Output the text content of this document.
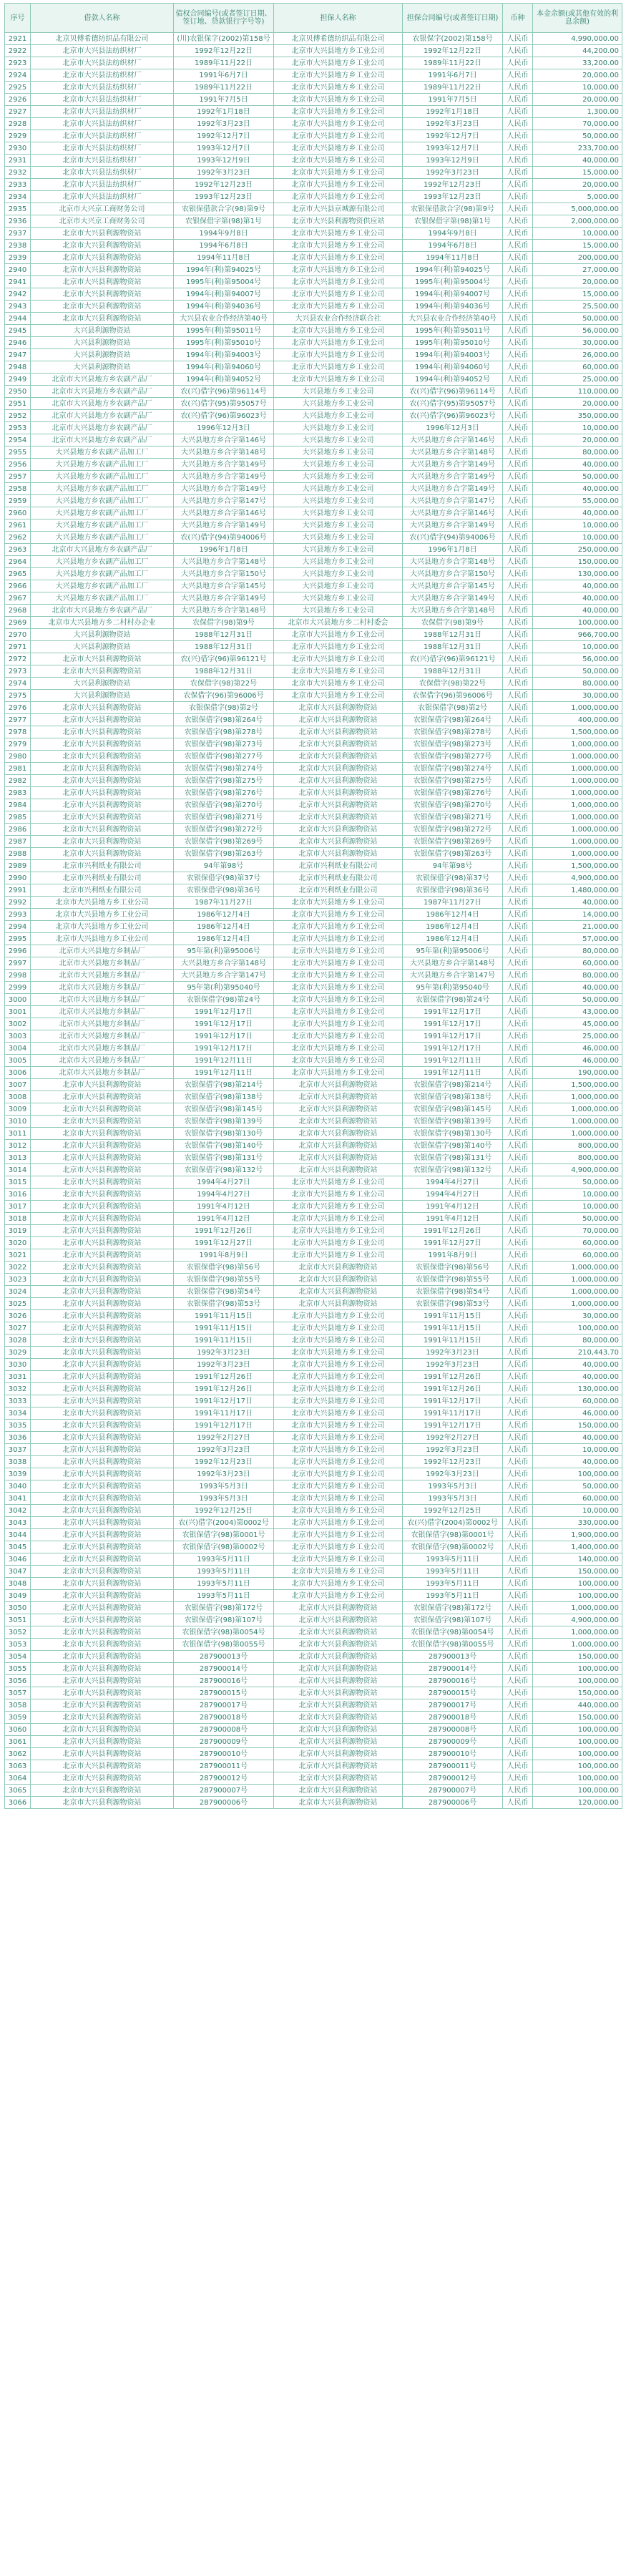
序号	借款人名称	债权合同编号(或者签订日期、签订地、贷款银行字号等)	担保人名称	担保合同编号(或者签订日期)	币种	本金余额(或其他有效的利息余额)
2921	北京贝傅希德纺织品有限公司	(川)农银保字(2002)第158号	北京贝傅希德纺织品有限公司	农银保字(2002)第158号	人民币	4,990,000.00
2922	北京市大兴县法纺织材厂	1992年12月22日	北京市大兴县地方乡工业公司	1992年12月22日	人民币	44,200.00
2923	北京市大兴县法纺织材厂	1989年11月22日	北京市大兴县地方乡工业公司	1989年11月22日	人民币	33,200.00
2924	北京市大兴县法纺织材厂	1991年6月7日	北京市大兴县地方乡工业公司	1991年6月7日	人民币	20,000.00
2925	北京市大兴县法纺织材厂	1989年11月22日	北京市大兴县地方乡工业公司	1989年11月22日	人民币	10,000.00
2926	北京市大兴县法纺织材厂	1991年7月5日	北京市大兴县地方乡工业公司	1991年7月5日	人民币	20,000.00
2927	北京市大兴县法纺织材厂	1992年1月18日	北京市大兴县地方乡工业公司	1992年1月18日	人民币	1,300.00
2928	北京市大兴县法纺织材厂	1992年3月23日	北京市大兴县地方乡工业公司	1992年3月23日	人民币	70,000.00
2929	北京市大兴县法纺织材厂	1992年12月7日	北京市大兴县地方乡工业公司	1992年12月7日	人民币	50,000.00
2930	北京市大兴县法纺织材厂	1993年12月7日	北京市大兴县地方乡工业公司	1993年12月7日	人民币	233,700.00
2931	北京市大兴县法纺织材厂	1993年12月9日	北京市大兴县地方乡工业公司	1993年12月9日	人民币	40,000.00
2932	北京市大兴县法纺织材厂	1992年3月23日	北京市大兴县地方乡工业公司	1992年3月23日	人民币	15,000.00
2933	北京市大兴县法纺织材厂	1992年12月23日	北京市大兴县地方乡工业公司	1992年12月23日	人民币	20,000.00
2934	北京市大兴县法纺织材厂	1993年12月23日	北京市大兴县地方乡工业公司	1993年12月23日	人民币	5,000.00
2935	北京市大兴京工商财务公司	农银保借款合字(98)第9号	北京市大兴县京城源有限公司	农银保借款合字(98)第9号	人民币	5,000,000.00
2936	北京市大兴京工商财务公司	农银保借字第(98)第1号	北京市大兴县利源物资供应站	农银保借字第(98)第1号	人民币	2,000,000.00
2937	北京市大兴县利源物资站	1994年9月8日	北京市大兴县地方乡工业公司	1994年9月8日	人民币	10,000.00
2938	北京市大兴县利源物资站	1994年6月8日	北京市大兴县地方乡工业公司	1994年6月8日	人民币	15,000.00
2939	北京市大兴县利源物资站	1994年11月8日	北京市大兴县地方乡工业公司	1994年11月8日	人民币	200,000.00
2940	北京市大兴县利源物资站	1994年(利)第94025号	北京市大兴县地方乡工业公司	1994年(利)第94025号	人民币	27,000.00
2941	北京市大兴县利源物资站	1995年(利)第95004号	北京市大兴县地方乡工业公司	1995年(利)第95004号	人民币	20,000.00
2942	北京市大兴县利源物资站	1994年(利)第94007号	北京市大兴县地方乡工业公司	1994年(利)第94007号	人民币	15,000.00
2943	北京市大兴县利源物资站	1994年(利)第94036号	北京市大兴县地方乡工业公司	1994年(利)第94036号	人民币	25,500.00
2944	北京市大兴县利源物资站	大兴县农业合作经济第40号	大兴县农业合作经济联合社	大兴县农业合作经济第40号	人民币	50,000.00
2945	大兴县利源物资站	1995年(利)第95011号	北京市大兴县地方乡工业公司	1995年(利)第95011号	人民币	56,000.00
2946	大兴县利源物资站	1995年(利)第95010号	北京市大兴县地方乡工业公司	1995年(利)第95010号	人民币	30,000.00
2947	大兴县利源物资站	1994年(利)第94003号	北京市大兴县地方乡工业公司	1994年(利)第94003号	人民币	26,000.00
2948	大兴县利源物资站	1994年(利)第94060号	北京市大兴县地方乡工业公司	1994年(利)第94060号	人民币	60,000.00
2949	北京市大兴县地方乡农副产品厂	1994年(利)第94052号	北京市大兴县地方乡工业公司	1994年(利)第94052号	人民币	25,000.00
2950	北京市大兴县地方乡农副产品厂	农(兴)借字(96)第96114号	大兴县地方乡工业公司	农(兴)借字(96)第96114号	人民币	110,000.00
2951	北京市大兴县地方乡农副产品厂	农(兴)借字(95)第95057号	大兴县地方乡工业公司	农(兴)借字(95)第95057号	人民币	20,000.00
2952	北京市大兴县地方乡农副产品厂	农(兴)借字(96)第96023号	大兴县地方乡工业公司	农(兴)借字(96)第96023号	人民币	350,000.00
2953	北京市大兴县地方乡农副产品厂	1996年12月3日	大兴县地方乡工业公司	1996年12月3日	人民币	10,000.00
2954	北京市大兴县地方乡农副产品厂	大兴县地方乡合字第146号	大兴县地方乡工业公司	大兴县地方乡合字第146号	人民币	20,000.00
2955	大兴县地方乡农副产品加工厂	大兴县地方乡合字第148号	大兴县地方乡工业公司	大兴县地方乡合字第148号	人民币	80,000.00
2956	大兴县地方乡农副产品加工厂	大兴县地方乡合字第149号	大兴县地方乡工业公司	大兴县地方乡合字第149号	人民币	40,000.00
2957	大兴县地方乡农副产品加工厂	大兴县地方乡合字第149号	大兴县地方乡工业公司	大兴县地方乡合字第149号	人民币	50,000.00
2958	大兴县地方乡农副产品加工厂	大兴县地方乡合字第149号	大兴县地方乡工业公司	大兴县地方乡合字第149号	人民币	40,000.00
2959	大兴县地方乡农副产品加工厂	大兴县地方乡合字第147号	大兴县地方乡工业公司	大兴县地方乡合字第147号	人民币	55,000.00
2960	大兴县地方乡农副产品加工厂	大兴县地方乡合字第146号	大兴县地方乡工业公司	大兴县地方乡合字第146号	人民币	40,000.00
2961	大兴县地方乡农副产品加工厂	大兴县地方乡合字第149号	大兴县地方乡工业公司	大兴县地方乡合字第149号	人民币	10,000.00
2962	大兴县地方乡农副产品加工厂	农(兴)借字(94)第94006号	大兴县地方乡工业公司	农(兴)借字(94)第94006号	人民币	10,000.00
2963	北京市大兴县地方乡农副产品厂	1996年1月8日	大兴县地方乡工业公司	1996年1月8日	人民币	250,000.00
2964	大兴县地方乡农副产品加工厂	大兴县地方乡合字第148号	大兴县地方乡工业公司	大兴县地方乡合字第148号	人民币	150,000.00
2965	大兴县地方乡农副产品加工厂	大兴县地方乡合字第150号	大兴县地方乡工业公司	大兴县地方乡合字第150号	人民币	130,000.00
2966	大兴县地方乡农副产品加工厂	大兴县地方乡合字第145号	大兴县地方乡工业公司	大兴县地方乡合字第145号	人民币	40,000.00
2967	大兴县地方乡农副产品加工厂	大兴县地方乡合字第149号	大兴县地方乡工业公司	大兴县地方乡合字第149号	人民币	40,000.00
2968	北京市大兴县地方乡农副产品厂	大兴县地方乡合字第148号	大兴县地方乡工业公司	大兴县地方乡合字第148号	人民币	40,000.00
2969	北京市大兴县地方乡二村村办企业	农保借字(98)第9号	北京市大兴县地方乡二村村委会	农保借字(98)第9号	人民币	100,000.00
2970	大兴县利源物资站	1988年12月31日	北京市大兴县地方乡工业公司	1988年12月31日	人民币	966,700.00
2971	大兴县利源物资站	1988年12月31日	北京市大兴县地方乡工业公司	1988年12月31日	人民币	10,000.00
2972	北京市大兴县利源物资站	农(兴)借字(96)第96121号	北京市大兴县地方乡工业公司	农(兴)借字(96)第96121号	人民币	56,000.00
2973	北京市大兴县利源物资站	1988年12月31日	北京市大兴县地方乡工业公司	1988年12月31日	人民币	50,000.00
2974	大兴县利源物资站	农保借字(98)第22号	北京市大兴县地方乡工业公司	农保借字(98)第22号	人民币	80,000.00
2975	大兴县利源物资站	农保借字(96)第96006号	北京市大兴县地方乡工业公司	农保借字(96)第96006号	人民币	30,000.00
2976	北京市大兴县利源物资站	农银保借字(98)第2号	北京市大兴县利源物资站	农银保借字(98)第2号	人民币	1,000,000.00
2977	北京市大兴县利源物资站	农银保借字(98)第264号	北京市大兴县利源物资站	农银保借字(98)第264号	人民币	400,000.00
2978	北京市大兴县利源物资站	农银保借字(98)第278号	北京市大兴县利源物资站	农银保借字(98)第278号	人民币	1,500,000.00
2979	北京市大兴县利源物资站	农银保借字(98)第273号	北京市大兴县利源物资站	农银保借字(98)第273号	人民币	1,000,000.00
2980	北京市大兴县利源物资站	农银保借字(98)第277号	北京市大兴县利源物资站	农银保借字(98)第277号	人民币	1,000,000.00
2981	北京市大兴县利源物资站	农银保借字(98)第274号	北京市大兴县利源物资站	农银保借字(98)第274号	人民币	1,000,000.00
2982	北京市大兴县利源物资站	农银保借字(98)第275号	北京市大兴县利源物资站	农银保借字(98)第275号	人民币	1,000,000.00
2983	北京市大兴县利源物资站	农银保借字(98)第276号	北京市大兴县利源物资站	农银保借字(98)第276号	人民币	1,000,000.00
2984	北京市大兴县利源物资站	农银保借字(98)第270号	北京市大兴县利源物资站	农银保借字(98)第270号	人民币	1,000,000.00
2985	北京市大兴县利源物资站	农银保借字(98)第271号	北京市大兴县利源物资站	农银保借字(98)第271号	人民币	1,000,000.00
2986	北京市大兴县利源物资站	农银保借字(98)第272号	北京市大兴县利源物资站	农银保借字(98)第272号	人民币	1,000,000.00
2987	北京市大兴县利源物资站	农银保借字(98)第269号	北京市大兴县利源物资站	农银保借字(98)第269号	人民币	1,000,000.00
2988	北京市大兴县利源物资站	农银保借字(98)第263号	北京市大兴县利源物资站	农银保借字(98)第263号	人民币	1,000,000.00
2989	北京市兴利纸业有限公司	94年第98号	北京市兴利纸业有限公司	94年第98号	人民币	1,500,000.00
2990	北京市兴利纸业有限公司	农银保借字(98)第37号	北京市兴利纸业有限公司	农银保借字(98)第37号	人民币	4,900,000.00
2991	北京市兴利纸业有限公司	农银保借字(98)第36号	北京市兴利纸业有限公司	农银保借字(98)第36号	人民币	1,480,000.00
2992	北京市大兴县地方乡工业公司	1987年11月27日	北京市大兴县地方乡工业公司	1987年11月27日	人民币	40,000.00
2993	北京市大兴县地方乡工业公司	1986年12月4日	北京市大兴县地方乡工业公司	1986年12月4日	人民币	14,000.00
2994	北京市大兴县地方乡工业公司	1986年12月4日	北京市大兴县地方乡工业公司	1986年12月4日	人民币	21,000.00
2995	北京市大兴县地方乡工业公司	1986年12月4日	北京市大兴县地方乡工业公司	1986年12月4日	人民币	57,000.00
2996	北京市大兴县地方乡制品厂	95年第(利)第95006号	北京市大兴县地方乡工业公司	95年第(利)第95006号	人民币	80,000.00
2997	北京市大兴县地方乡制品厂	大兴县地方乡合字第148号	北京市大兴县地方乡工业公司	大兴县地方乡合字第148号	人民币	60,000.00
2998	北京市大兴县地方乡制品厂	大兴县地方乡合字第147号	北京市大兴县地方乡工业公司	大兴县地方乡合字第147号	人民币	80,000.00
2999	北京市大兴县地方乡制品厂	95年第(利)第95040号	北京市大兴县地方乡工业公司	95年第(利)第95040号	人民币	40,000.00
3000	北京市大兴县地方乡制品厂	农银保借字(98)第24号	北京市大兴县地方乡工业公司	农银保借字(98)第24号	人民币	50,000.00
3001	北京市大兴县地方乡制品厂	1991年12月17日	北京市大兴县地方乡工业公司	1991年12月17日	人民币	43,000.00
3002	北京市大兴县地方乡制品厂	1991年12月17日	北京市大兴县地方乡工业公司	1991年12月17日	人民币	45,000.00
3003	北京市大兴县地方乡制品厂	1991年12月17日	北京市大兴县地方乡工业公司	1991年12月17日	人民币	25,000.00
3004	北京市大兴县地方乡制品厂	1991年12月17日	北京市大兴县地方乡工业公司	1991年12月17日	人民币	46,000.00
3005	北京市大兴县地方乡制品厂	1991年12月11日	北京市大兴县地方乡工业公司	1991年12月11日	人民币	46,000.00
3006	北京市大兴县地方乡制品厂	1991年12月11日	北京市大兴县地方乡工业公司	1991年12月11日	人民币	190,000.00
3007	北京市大兴县利源物资站	农银保借字(98)第214号	北京市大兴县利源物资站	农银保借字(98)第214号	人民币	1,500,000.00
3008	北京市大兴县利源物资站	农银保借字(98)第138号	北京市大兴县利源物资站	农银保借字(98)第138号	人民币	1,000,000.00
3009	北京市大兴县利源物资站	农银保借字(98)第145号	北京市大兴县利源物资站	农银保借字(98)第145号	人民币	1,000,000.00
3010	北京市大兴县利源物资站	农银保借字(98)第139号	北京市大兴县利源物资站	农银保借字(98)第139号	人民币	1,000,000.00
3011	北京市大兴县利源物资站	农银保借字(98)第130号	北京市大兴县利源物资站	农银保借字(98)第130号	人民币	1,000,000.00
3012	北京市大兴县利源物资站	农银保借字(98)第140号	北京市大兴县利源物资站	农银保借字(98)第140号	人民币	800,000.00
3013	北京市大兴县利源物资站	农银保借字(98)第131号	北京市大兴县利源物资站	农银保借字(98)第131号	人民币	800,000.00
3014	北京市大兴县利源物资站	农银保借字(98)第132号	北京市大兴县利源物资站	农银保借字(98)第132号	人民币	4,900,000.00
3015	北京市大兴县利源物资站	1994年4月27日	北京市大兴县地方乡工业公司	1994年4月27日	人民币	50,000.00
3016	北京市大兴县利源物资站	1994年4月27日	北京市大兴县地方乡工业公司	1994年4月27日	人民币	10,000.00
3017	北京市大兴县利源物资站	1991年4月12日	北京市大兴县地方乡工业公司	1991年4月12日	人民币	10,000.00
3018	北京市大兴县利源物资站	1991年4月12日	北京市大兴县地方乡工业公司	1991年4月12日	人民币	50,000.00
3019	北京市大兴县利源物资站	1991年12月26日	北京市大兴县地方乡工业公司	1991年12月26日	人民币	70,000.00
3020	北京市大兴县利源物资站	1991年12月27日	北京市大兴县地方乡工业公司	1991年12月27日	人民币	60,000.00
3021	北京市大兴县利源物资站	1991年8月9日	北京市大兴县地方乡工业公司	1991年8月9日	人民币	60,000.00
3022	北京市大兴县利源物资站	农银保借字(98)第56号	北京市大兴县利源物资站	农银保借字(98)第56号	人民币	1,000,000.00
3023	北京市大兴县利源物资站	农银保借字(98)第55号	北京市大兴县利源物资站	农银保借字(98)第55号	人民币	1,000,000.00
3024	北京市大兴县利源物资站	农银保借字(98)第54号	北京市大兴县利源物资站	农银保借字(98)第54号	人民币	1,000,000.00
3025	北京市大兴县利源物资站	农银保借字(98)第53号	北京市大兴县利源物资站	农银保借字(98)第53号	人民币	1,000,000.00
3026	北京市大兴县利源物资站	1991年11月15日	北京市大兴县地方乡工业公司	1991年11月15日	人民币	30,000.00
3027	北京市大兴县利源物资站	1991年11月15日	北京市大兴县地方乡工业公司	1991年11月15日	人民币	100,000.00
3028	北京市大兴县利源物资站	1991年11月15日	北京市大兴县地方乡工业公司	1991年11月15日	人民币	80,000.00
3029	北京市大兴县利源物资站	1992年3月23日	北京市大兴县地方乡工业公司	1992年3月23日	人民币	210,443.70
3030	北京市大兴县利源物资站	1992年3月23日	北京市大兴县地方乡工业公司	1992年3月23日	人民币	40,000.00
3031	北京市大兴县利源物资站	1991年12月26日	北京市大兴县地方乡工业公司	1991年12月26日	人民币	40,000.00
3032	北京市大兴县利源物资站	1991年12月26日	北京市大兴县地方乡工业公司	1991年12月26日	人民币	130,000.00
3033	北京市大兴县利源物资站	1991年12月17日	北京市大兴县地方乡工业公司	1991年12月17日	人民币	60,000.00
3034	北京市大兴县利源物资站	1991年11月17日	北京市大兴县地方乡工业公司	1991年11月17日	人民币	46,000.00
3035	北京市大兴县利源物资站	1991年12月17日	北京市大兴县地方乡工业公司	1991年12月17日	人民币	150,000.00
3036	北京市大兴县利源物资站	1992年2月27日	北京市大兴县地方乡工业公司	1992年2月27日	人民币	40,000.00
3037	北京市大兴县利源物资站	1992年3月23日	北京市大兴县地方乡工业公司	1992年3月23日	人民币	10,000.00
3038	北京市大兴县利源物资站	1992年12月23日	北京市大兴县地方乡工业公司	1992年12月23日	人民币	40,000.00
3039	北京市大兴县利源物资站	1992年3月23日	北京市大兴县地方乡工业公司	1992年3月23日	人民币	100,000.00
3040	北京市大兴县利源物资站	1993年5月3日	北京市大兴县地方乡工业公司	1993年5月3日	人民币	50,000.00
3041	北京市大兴县利源物资站	1993年5月3日	北京市大兴县地方乡工业公司	1993年5月3日	人民币	60,000.00
3042	北京市大兴县利源物资站	1992年12月25日	北京市大兴县地方乡工业公司	1992年12月25日	人民币	10,000.00
3043	北京市大兴县利源物资站	农(兴)借字(2004)第0002号	北京市大兴县地方乡工业公司	农(兴)借字(2004)第0002号	人民币	330,000.00
3044	北京市大兴县利源物资站	农银保借字(98)第0001号	北京市大兴县地方乡工业公司	农银保借字(98)第0001号	人民币	1,900,000.00
3045	北京市大兴县利源物资站	农银保借字(98)第0002号	北京市大兴县地方乡工业公司	农银保借字(98)第0002号	人民币	1,400,000.00
3046	北京市大兴县利源物资站	1993年5月11日	北京市大兴县地方乡工业公司	1993年5月11日	人民币	140,000.00
3047	北京市大兴县利源物资站	1993年5月11日	北京市大兴县地方乡工业公司	1993年5月11日	人民币	150,000.00
3048	北京市大兴县利源物资站	1993年5月11日	北京市大兴县地方乡工业公司	1993年5月11日	人民币	100,000.00
3049	北京市大兴县利源物资站	1993年5月11日	北京市大兴县地方乡工业公司	1993年5月11日	人民币	100,000.00
3050	北京市大兴县利源物资站	农银保借字(98)第172号	北京市大兴县利源物资站	农银保借字(98)第172号	人民币	1,000,000.00
3051	北京市大兴县利源物资站	农银保借字(98)第107号	北京市大兴县利源物资站	农银保借字(98)第107号	人民币	4,900,000.00
3052	北京市大兴县利源物资站	农银保借字(98)第0054号	北京市大兴县利源物资站	农银保借字(98)第0054号	人民币	1,000,000.00
3053	北京市大兴县利源物资站	农银保借字(98)第0055号	北京市大兴县利源物资站	农银保借字(98)第0055号	人民币	1,000,000.00
3054	北京市大兴县利源物资站	287900013号	北京市大兴县利源物资站	287900013号	人民币	150,000.00
3055	北京市大兴县利源物资站	287900014号	北京市大兴县利源物资站	287900014号	人民币	100,000.00
3056	北京市大兴县利源物资站	287900016号	北京市大兴县利源物资站	287900016号	人民币	100,000.00
3057	北京市大兴县利源物资站	287900015号	北京市大兴县利源物资站	287900015号	人民币	150,000.00
3058	北京市大兴县利源物资站	287900017号	北京市大兴县利源物资站	287900017号	人民币	440,000.00
3059	北京市大兴县利源物资站	287900018号	北京市大兴县利源物资站	287900018号	人民币	150,000.00
3060	北京市大兴县利源物资站	287900008号	北京市大兴县利源物资站	287900008号	人民币	100,000.00
3061	北京市大兴县利源物资站	287900009号	北京市大兴县利源物资站	287900009号	人民币	100,000.00
3062	北京市大兴县利源物资站	287900010号	北京市大兴县利源物资站	287900010号	人民币	100,000.00
3063	北京市大兴县利源物资站	287900011号	北京市大兴县利源物资站	287900011号	人民币	100,000.00
3064	北京市大兴县利源物资站	287900012号	北京市大兴县利源物资站	287900012号	人民币	100,000.00
3065	北京市大兴县利源物资站	287900007号	北京市大兴县利源物资站	287900007号	人民币	100,000.00
3066	北京市大兴县利源物资站	287900006号	北京市大兴县利源物资站	287900006号	人民币	120,000.00
